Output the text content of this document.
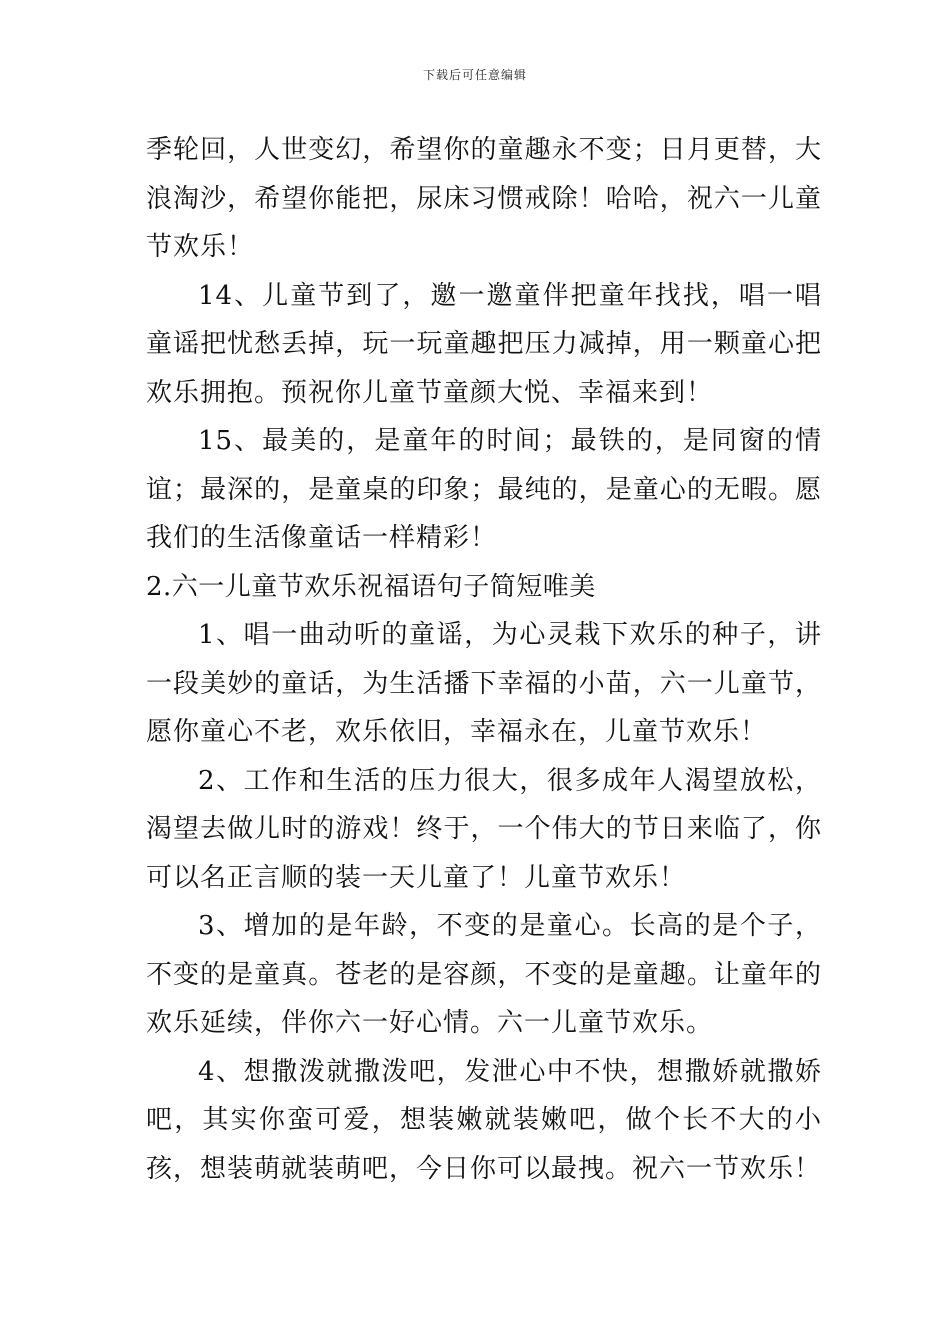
下载后可任意编辑

季轮回，人世变幻，希望你的童趣永不变；日月更替，大浪淘沙，希望你能把，尿床习惯戒除！哈哈，祝六一儿童节欢乐！

14、儿童节到了，邀一邀童伴把童年找找，唱一唱童谣把忧愁丢掉，玩一玩童趣把压力减掉，用一颗童心把欢乐拥抱。预祝你儿童节童颜大悦、幸福来到！

15、最美的，是童年的时间；最铁的，是同窗的情谊；最深的，是童桌的印象；最纯的，是童心的无暇。愿我们的生活像童话一样精彩！

2.六一儿童节欢乐祝福语句子简短唯美

1、唱一曲动听的童谣，为心灵栽下欢乐的种子，讲一段美妙的童话，为生活播下幸福的小苗，六一儿童节，愿你童心不老，欢乐依旧，幸福永在，儿童节欢乐！

2、工作和生活的压力很大，很多成年人渴望放松，渴望去做儿时的游戏！终于，一个伟大的节日来临了，你可以名正言顺的装一天儿童了！儿童节欢乐！

3、增加的是年龄，不变的是童心。长高的是个子，不变的是童真。苍老的是容颜，不变的是童趣。让童年的欢乐延续，伴你六一好心情。六一儿童节欢乐。

4、想撒泼就撒泼吧，发泄心中不快，想撒娇就撒娇吧，其实你蛮可爱，想装嫩就装嫩吧，做个长不大的小孩，想装萌就装萌吧，今日你可以最拽。祝六一节欢乐！
